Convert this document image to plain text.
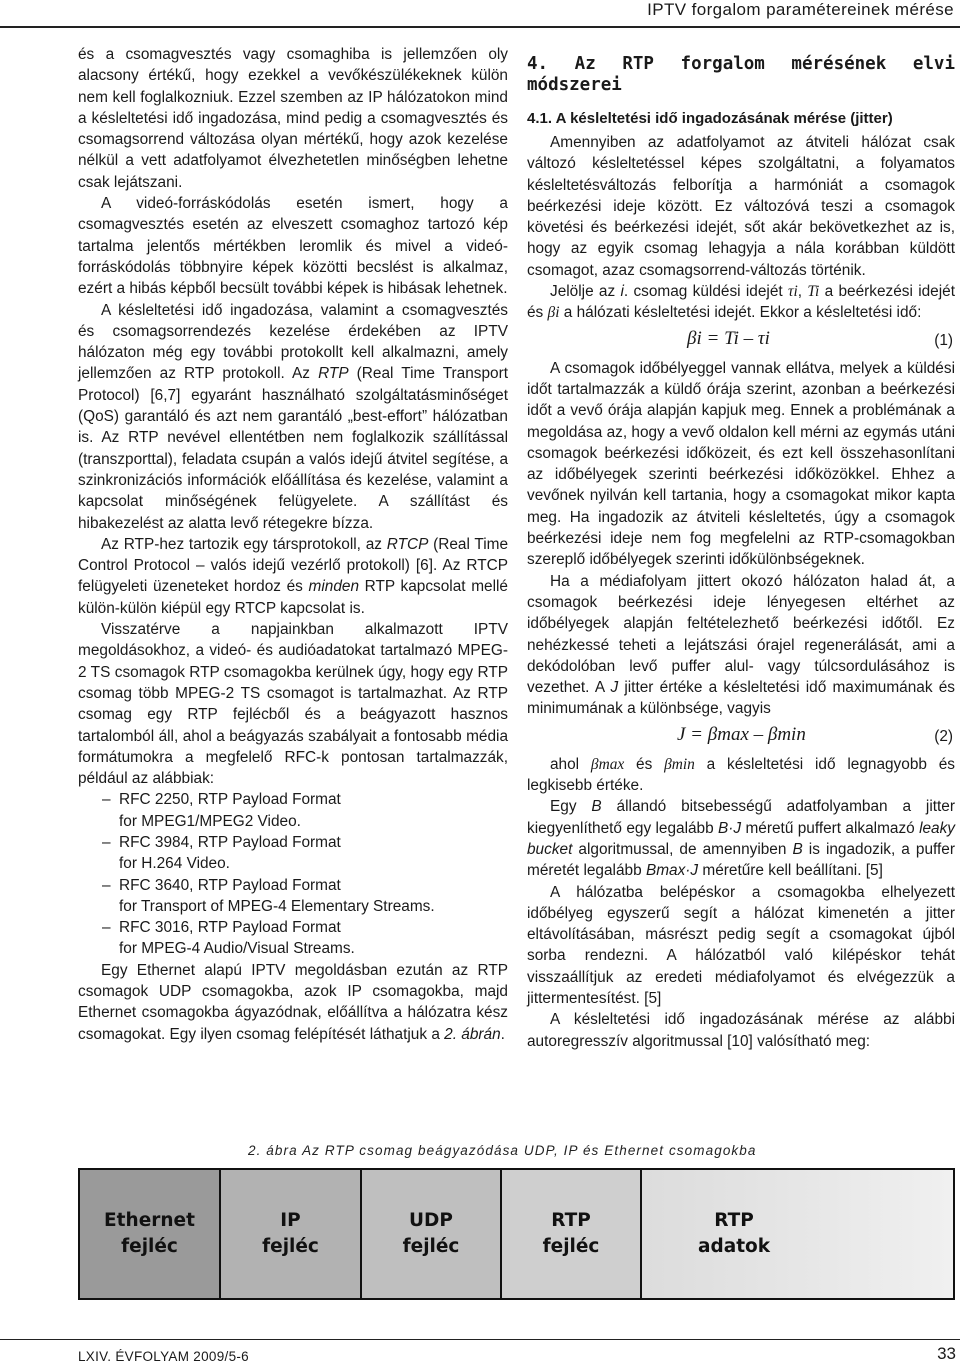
IPTV forgalom paramétereinek mérése

és a csomagvesztés vagy csomaghiba is jellemzően oly alacsony értékű, hogy ezekkel a vevőkészülékeknek külön nem kell foglalkozniuk. Ezzel szemben az IP hálózatokon mind a késleltetési idő ingadozása, mind pedig a csomagvesztés és csomagsorrend változása olyan mértékű, hogy azok kezelése nélkül a vett adatfolyamot élvezhetetlen minőségben lehetne csak lejátszani.

A videó-forráskódolás esetén ismert, hogy a csomagvesztés esetén az elveszett csomaghoz tartozó kép tartalma jelentős mértékben leromlik és mivel a videó-forráskódolás többnyire képek közötti becslést is alkalmaz, ezért a hibás képből becsült további képek is hibásak lehetnek.

A késleltetési idő ingadozása, valamint a csomagvesztés és csomagsorrendezés kezelése érdekében az IPTV hálózaton még egy további protokollt kell alkalmazni, amely jellemzően az RTP protokoll. Az RTP (Real Time Transport Protocol) [6,7] egyaránt használható szolgáltatásminőséget (QoS) garantáló és azt nem garantáló „best-effort” hálózatban is. Az RTP nevével ellentétben nem foglalkozik szállítással (transzporttal), feladata csupán a valós idejű átvitel segítése, a szinkronizációs információk előállítása és kezelése, valamint a kapcsolat minőségének felügyelete. A szállítást és hibakezelést az alatta levő rétegekre bízza.

Az RTP-hez tartozik egy társprotokoll, az RTCP (Real Time Control Protocol – valós idejű vezérlő protokoll) [6]. Az RTCP felügyeleti üzeneteket hordoz és minden RTP kapcsolat mellé külön-külön kiépül egy RTCP kapcsolat is.

Visszatérve a napjainkban alkalmazott IPTV megoldásokhoz, a videó- és audióadatokat tartalmazó MPEG-2 TS csomagok RTP csomagokba kerülnek úgy, hogy egy RTP csomag több MPEG-2 TS csomagot is tartalmazhat. Az RTP csomag egy RTP fejlécből és a beágyazott hasznos tartalomból áll, ahol a beágyazás szabályait a fontosabb média formátumokra a megfelelő RFC-k pontosan tartalmazzák, például az alábbiak:

– RFC 2250, RTP Payload Format
for MPEG1/MPEG2 Video.
– RFC 3984, RTP Payload Format
for H.264 Video.
– RFC 3640, RTP Payload Format
for Transport of MPEG-4 Elementary Streams.
– RFC 3016, RTP Payload Format
for MPEG-4 Audio/Visual Streams.

Egy Ethernet alapú IPTV megoldásban ezután az RTP csomagok UDP csomagokba, azok IP csomagokba, majd Ethernet csomagokba ágyazódnak, előállítva a hálózatra kész csomagokat. Egy ilyen csomag felépítését láthatjuk a 2. ábrán.

4. Az RTP forgalom mérésének elvi módszerei
4.1. A késleltetési idő ingadozásának mérése (jitter)

Amennyiben az adatfolyamot az átviteli hálózat csak változó késleltetéssel képes szolgáltatni, a folyamatos késleltetésváltozás felborítja a harmóniát a csomagok beérkezési ideje között. Ez változóvá teszi a csomagok követési és beérkezési idejét, sőt akár bekövetkezhet az is, hogy az egyik csomag lehagyja a nála korábban küldött csomagot, azaz csomagsorrend-változás történik.

Jelölje az i. csomag küldési idejét τi, Ti a beérkezési idejét és βi a hálózati késleltetési idejét. Ekkor a késleltetési idő:

βi = Ti – τi	(1)

A csomagok időbélyeggel vannak ellátva, melyek a küldési időt tartalmazzák a küldő órája szerint, azonban a beérkezési időt a vevő órája alapján kapjuk meg. Ennek a problémának a megoldása az, hogy a vevő oldalon kell mérni az egymás utáni csomagok beérkezési időközeit, és ezt kell összehasonlítani az időbélyegek szerinti beérkezési időközökkel. Ehhez a vevőnek nyilván kell tartania, hogy a csomagokat mikor kapta meg. Ha ingadozik az átviteli késleltetés, úgy a csomagok beérkezési ideje nem fog megfelelni az RTP-csomagokban szereplő időbélyegek szerinti időkülönbségeknek.

Ha a médiafolyam jittert okozó hálózaton halad át, a csomagok beérkezési ideje lényegesen eltérhet az időbélyegek alapján feltételezhető beérkezési időtől. Ez nehézkessé teheti a lejátszási órajel regenerálását, ami a dekódolóban levő puffer alul- vagy túlcsordulásához is vezethet. A J jitter értéke a késleltetési idő maximumának és minimumának a különbsége, vagyis

J = βmax – βmin	(2)

ahol βmax és βmin a késleltetési idő legnagyobb és legkisebb értéke.

Egy B állandó bitsebességű adatfolyamban a jitter kiegyenlíthető egy legalább B·J méretű puffert alkalmazó leaky bucket algoritmussal, de amennyiben B is ingadozik, a puffer méretét legalább Bmax·J méretűre kell beállítani. [5]

A hálózatba belépéskor a csomagokba elhelyezett időbélyeg egyszerű segít a hálózat kimenetén a jitter eltávolításában, másrészt pedig segít a csomagokat újból sorba rendezni. A hálózatból való kilépéskor tehát visszaállítjuk az eredeti médiafolyamot és elvégezzük a jittermentesítést. [5]

A késleltetési idő ingadozásának mérése az alábbi autoregresszív algoritmussal [10] valósítható meg:

2. ábra Az RTP csomag beágyazódása UDP, IP és Ethernet csomagokba
Ethernet
fejléc
IP
fejléc
UDP
fejléc
RTP
fejléc
RTP
adatok
LXIV. ÉVFOLYAM 2009/5-6	33
